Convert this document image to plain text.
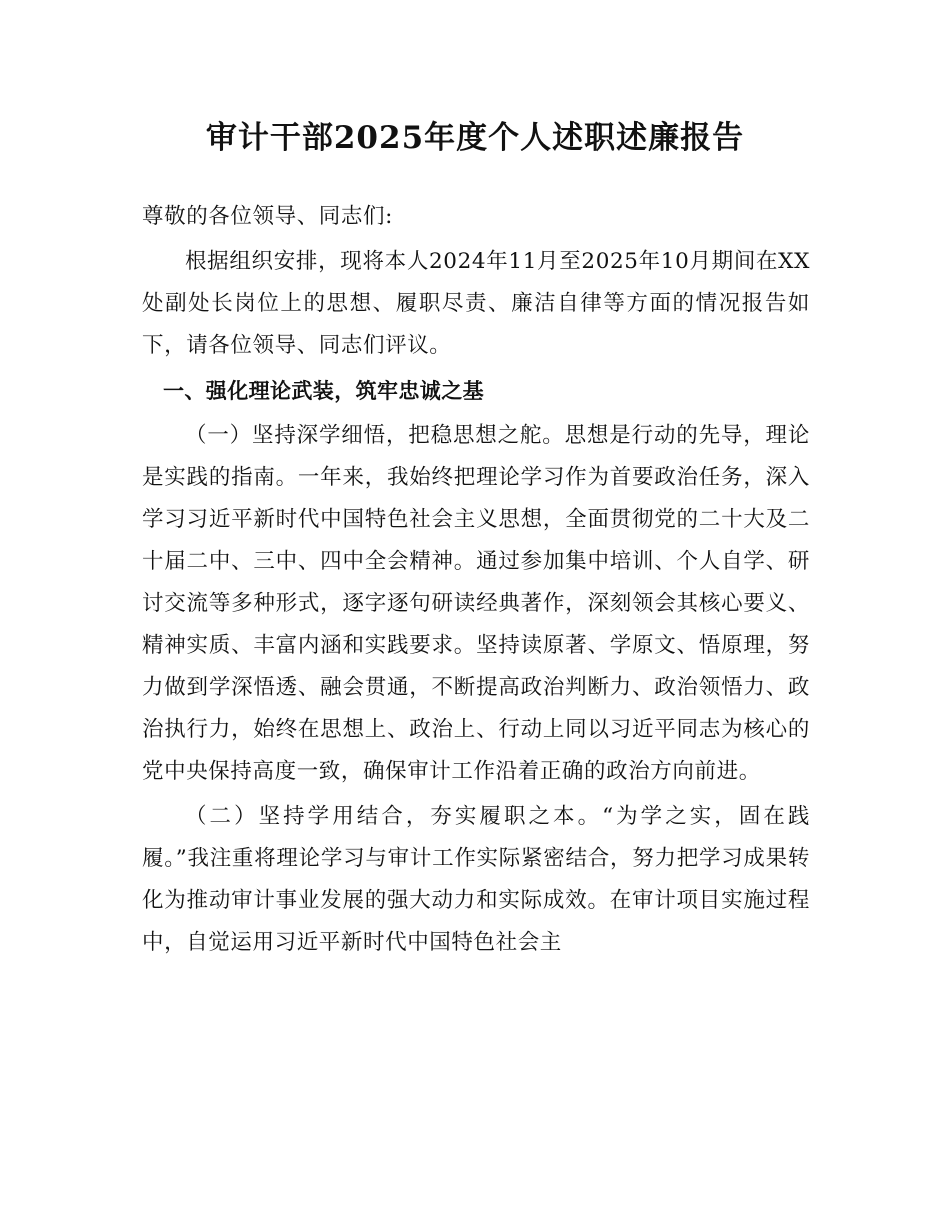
审计干部2025年度个人述职述廉报告

尊敬的各位领导、同志们:

根据组织安排，现将本人2024年11月至2025年10月期间在XX处副处长岗位上的思想、履职尽责、廉洁自律等方面的情况报告如下，请各位领导、同志们评议。

一、强化理论武装，筑牢忠诚之基

（一）坚持深学细悟，把稳思想之舵。思想是行动的先导，理论是实践的指南。一年来，我始终把理论学习作为首要政治任务，深入学习习近平新时代中国特色社会主义思想，全面贯彻党的二十大及二十届二中、三中、四中全会精神。通过参加集中培训、个人自学、研讨交流等多种形式，逐字逐句研读经典著作，深刻领会其核心要义、精神实质、丰富内涵和实践要求。坚持读原著、学原文、悟原理，努力做到学深悟透、融会贯通，不断提高政治判断力、政治领悟力、政治执行力，始终在思想上、政治上、行动上同以习近平同志为核心的党中央保持高度一致，确保审计工作沿着正确的政治方向前进。

（二）坚持学用结合，夯实履职之本。“为学之实，固在践履。”我注重将理论学习与审计工作实际紧密结合，努力把学习成果转化为推动审计事业发展的强大动力和实际成效。在审计项目实施过程中，自觉运用习近平新时代中国特色社会主
